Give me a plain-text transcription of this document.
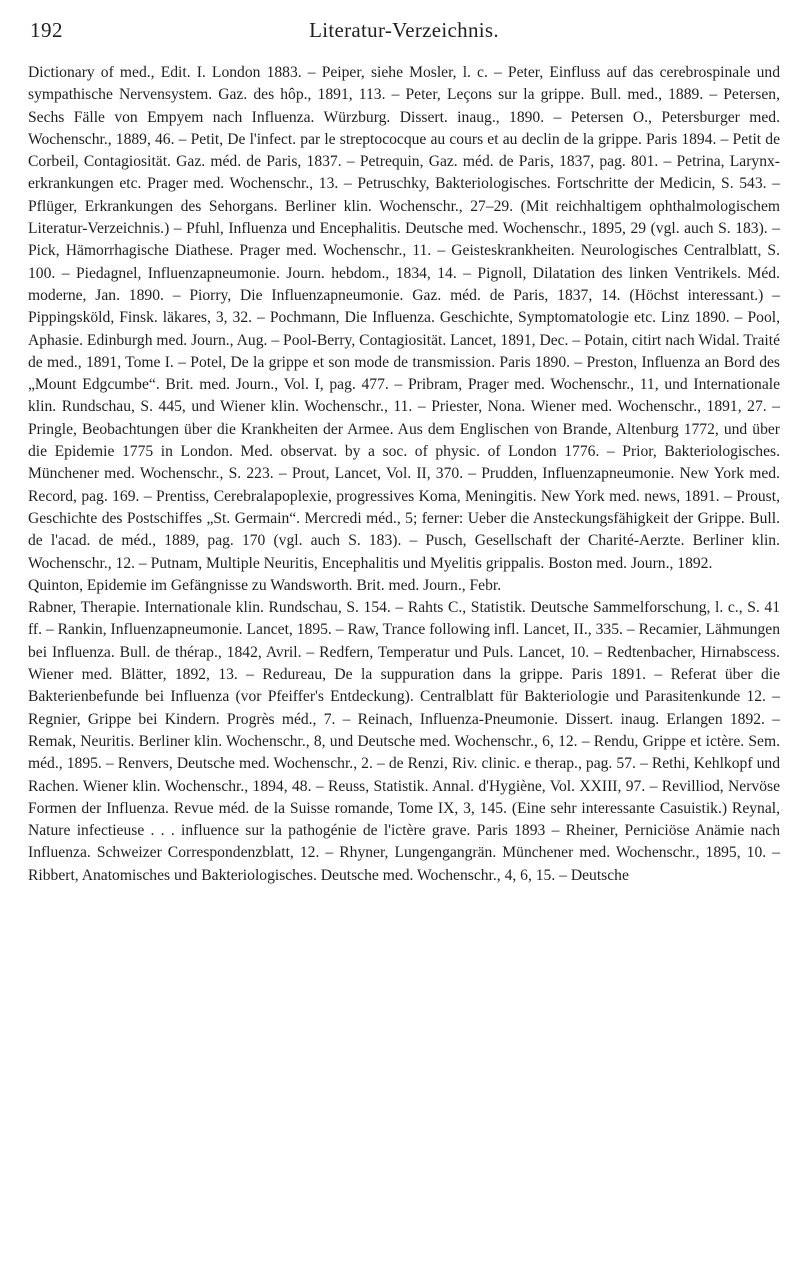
192	Literatur-Verzeichnis.
Dictionary of med., Edit. I. London 1883. – Peiper, siehe Mosler, l. c. – Peter, Einfluss auf das cerebrospinale und sympathische Nervensystem. Gaz. des hôp., 1891, 113. – Peter, Leçons sur la grippe. Bull. med., 1889. – Petersen, Sechs Fälle von Empyem nach Influenza. Würzburg. Dissert. inaug., 1890. – Petersen O., Petersburger med. Wochenschr., 1889, 46. – Petit, De l'infect. par le streptococque au cours et au declin de la grippe. Paris 1894. – Petit de Corbeil, Contagiosität. Gaz. méd. de Paris, 1837. – Petrequin, Gaz. méd. de Paris, 1837, pag. 801. – Petrina, Larynx-erkrankungen etc. Prager med. Wochenschr., 13. – Petruschky, Bakteriologisches. Fortschritte der Medicin, S. 543. – Pflüger, Erkrankungen des Sehorgans. Berliner klin. Wochenschr., 27–29. (Mit reichhaltigem ophthalmologischem Literatur-Verzeichnis.) – Pfuhl, Influenza und Encephalitis. Deutsche med. Wochenschr., 1895, 29 (vgl. auch S. 183). – Pick, Hämorrhagische Diathese. Prager med. Wochenschr., 11. – Geisteskrankheiten. Neurologisches Centralblatt, S. 100. – Piedagnel, Influenzapneumonie. Journ. hebdom., 1834, 14. – Pignoll, Dilatation des linken Ventrikels. Méd. moderne, Jan. 1890. – Piorry, Die Influenzapneumonie. Gaz. méd. de Paris, 1837, 14. (Höchst interessant.) – Pippingsköld, Finsk. läkares, 3, 32. – Pochmann, Die Influenza. Geschichte, Symptomatologie etc. Linz 1890. – Pool, Aphasie. Edinburgh med. Journ., Aug. – Pool-Berry, Contagiosität. Lancet, 1891, Dec. – Potain, citirt nach Widal. Traité de med., 1891, Tome I. – Potel, De la grippe et son mode de transmission. Paris 1890. – Preston, Influenza an Bord des „Mount Edgcumbe“. Brit. med. Journ., Vol. I, pag. 477. – Pribram, Prager med. Wochenschr., 11, und Internationale klin. Rundschau, S. 445, und Wiener klin. Wochenschr., 11. – Priester, Nona. Wiener med. Wochenschr., 1891, 27. – Pringle, Beobachtungen über die Krankheiten der Armee. Aus dem Englischen von Brande, Altenburg 1772, und über die Epidemie 1775 in London. Med. observat. by a soc. of physic. of London 1776. – Prior, Bakteriologisches. Münchener med. Wochenschr., S. 223. – Prout, Lancet, Vol. II, 370. – Prudden, Influenzapneumonie. New York med. Record, pag. 169. – Prentiss, Cerebralapoplexie, progressives Koma, Meningitis. New York med. news, 1891. – Proust, Geschichte des Postschiffes „St. Germain“. Mercredi méd., 5; ferner: Ueber die Ansteckungsfähigkeit der Grippe. Bull. de l'acad. de méd., 1889, pag. 170 (vgl. auch S. 183). – Pusch, Gesellschaft der Charité-Aerzte. Berliner klin. Wochenschr., 12. – Putnam, Multiple Neuritis, Encephalitis und Myelitis grippalis. Boston med. Journ., 1892.
Quinton, Epidemie im Gefängnisse zu Wandsworth. Brit. med. Journ., Febr.
Rabner, Therapie. Internationale klin. Rundschau, S. 154. – Rahts C., Statistik. Deutsche Sammelforschung, l. c., S. 41 ff. – Rankin, Influenzapneumonie. Lancet, 1895. – Raw, Trance following infl. Lancet, II., 335. – Recamier, Lähmungen bei Influenza. Bull. de thérap., 1842, Avril. – Redfern, Temperatur und Puls. Lancet, 10. – Redtenbacher, Hirnabscess. Wiener med. Blätter, 1892, 13. – Redureau, De la suppuration dans la grippe. Paris 1891. – Referat über die Bakterienbefunde bei Influenza (vor Pfeiffer's Entdeckung). Centralblatt für Bakteriologie und Parasitenkunde 12. – Regnier, Grippe bei Kindern. Progrès méd., 7. – Reinach, Influenza-Pneumonie. Dissert. inaug. Erlangen 1892. – Remak, Neuritis. Berliner klin. Wochenschr., 8, und Deutsche med. Wochenschr., 6, 12. – Rendu, Grippe et ictère. Sem. méd., 1895. – Renvers, Deutsche med. Wochenschr., 2. – de Renzi, Riv. clinic. e therap., pag. 57. – Rethi, Kehlkopf und Rachen. Wiener klin. Wochenschr., 1894, 48. – Reuss, Statistik. Annal. d'Hygiène, Vol. XXIII, 97. – Revilliod, Nervöse Formen der Influenza. Revue méd. de la Suisse romande, Tome IX, 3, 145. (Eine sehr interessante Casuistik.) Reynal, Nature infectieuse . . . influence sur la pathogénie de l'ictère grave. Paris 1893 – Rheiner, Perniciöse Anämie nach Influenza. Schweizer Correspondenzblatt, 12. – Rhyner, Lungengangrän. Münchener med. Wochenschr., 1895, 10. – Ribbert, Anatomisches und Bakteriologisches. Deutsche med. Wochenschr., 4, 6, 15. – Deutsche
